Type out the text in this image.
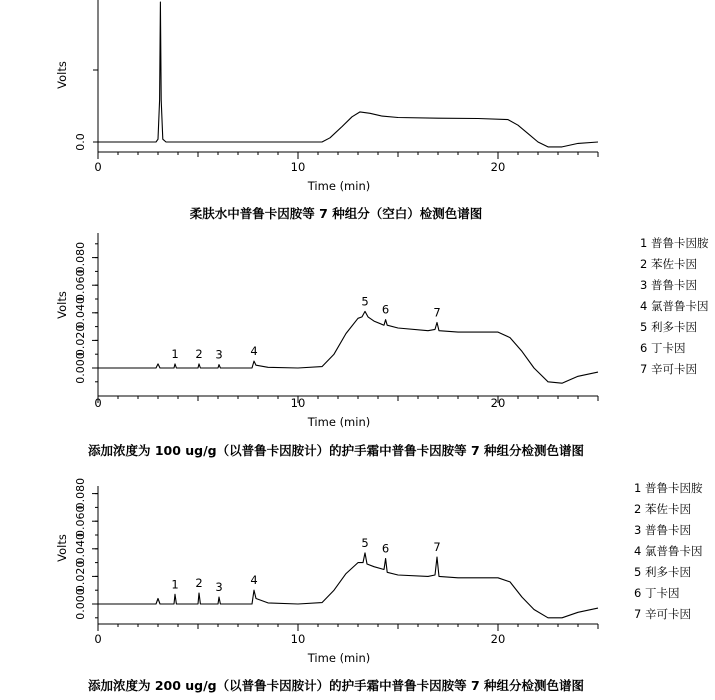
0.0
0	10	20
Time (min)
Volts
柔肤水中普鲁卡因胺等 7 种组分（空白）检测色谱图
0.000
0.020
0.040
0.060
0.080
0	10	20
Time (min)
Volts
1 2 3 4
5
6	7
添加浓度为 100 ug/g（以普鲁卡因胺计）的护手霜中普鲁卡因胺等 7 种组分检测色谱图
1 普鲁卡因胺
2 苯佐卡因
3 普鲁卡因
4 氯普鲁卡因
5 利多卡因
6 丁卡因
7 辛可卡因
0.000
0.020
0.040
0.060
0.080
0	10	20
Time (min)
Volts
1 2 3 4
5 6	7
添加浓度为 200 ug/g（以普鲁卡因胺计）的护手霜中普鲁卡因胺等 7 种组分检测色谱图
1 普鲁卡因胺
2 苯佐卡因
3 普鲁卡因
4 氯普鲁卡因
5 利多卡因
6 丁卡因
7 辛可卡因
